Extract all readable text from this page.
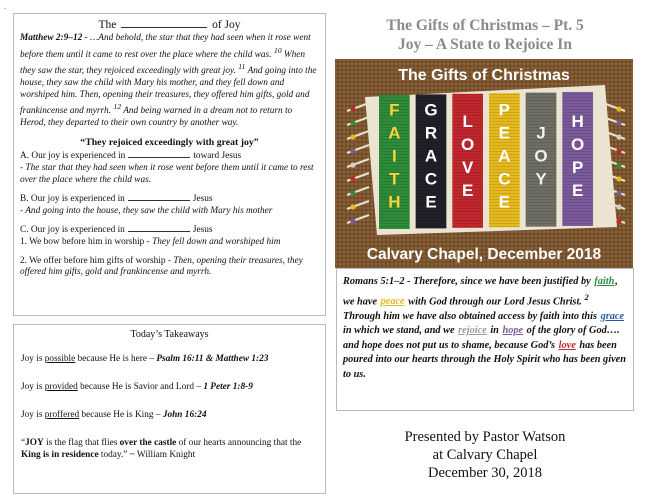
.

The	of Joy

Matthew 2:9–12 - …And behold, the star that they had seen when it rose went before them until it came to rest over the place where the child was. $^{10}$ When they saw the star, they rejoiced exceedingly with great joy. $^{11}$ And going into the house, they saw the child with Mary his mother, and they fell down and worshiped him. Then, opening their treasures, they offered him gifts, gold and frankincense and myrrh. $^{12}$ And being warned in a dream not to return to Herod, they departed to their own country by another way.

“They rejoiced exceedingly with great joy”

A. Our joy is experienced in	toward Jesus

- The star that they had seen when it rose went before them until it came to rest over the place where the child was.

B. Our joy is experienced in	Jesus

- And going into the house, they saw the child with Mary his mother

C. Our joy is experienced in	Jesus

1. We bow before him in worship - They fell down and worshiped him

2. We offer before him gifts of worship - Then, opening their treasures, they offered him gifts, gold and frankincense and myrrh.

Today’s Takeaways

Joy is possible because He is here – Psalm 16:11 & Matthew 1:23

Joy is provided because He is Savior and Lord – 1 Peter 1:8-9

Joy is proffered because He is King – John 16:24

“JOY is the flag that flies over the castle of our hearts announcing that the King is in residence today.” ~ William Knight

The Gifts of Christmas – Pt. 5
Joy – A State to Rejoice In
F A I T H
G R A C E
L O V E
P E A C E
J O Y
H O P E
The Gifts of Christmas
Calvary Chapel, December 2018
Romans 5:1–2 - Therefore, since we have been justified by faith, we have peace with God through our Lord Jesus Christ. $^2$ Through him we have also obtained access by faith into this grace in which we stand, and we rejoice in hope of the glory of God…. and hope does not put us to shame, because God’s love has been poured into our hearts through the Holy Spirit who has been given to us.
Presented by Pastor Watson
at Calvary Chapel
December 30, 2018
